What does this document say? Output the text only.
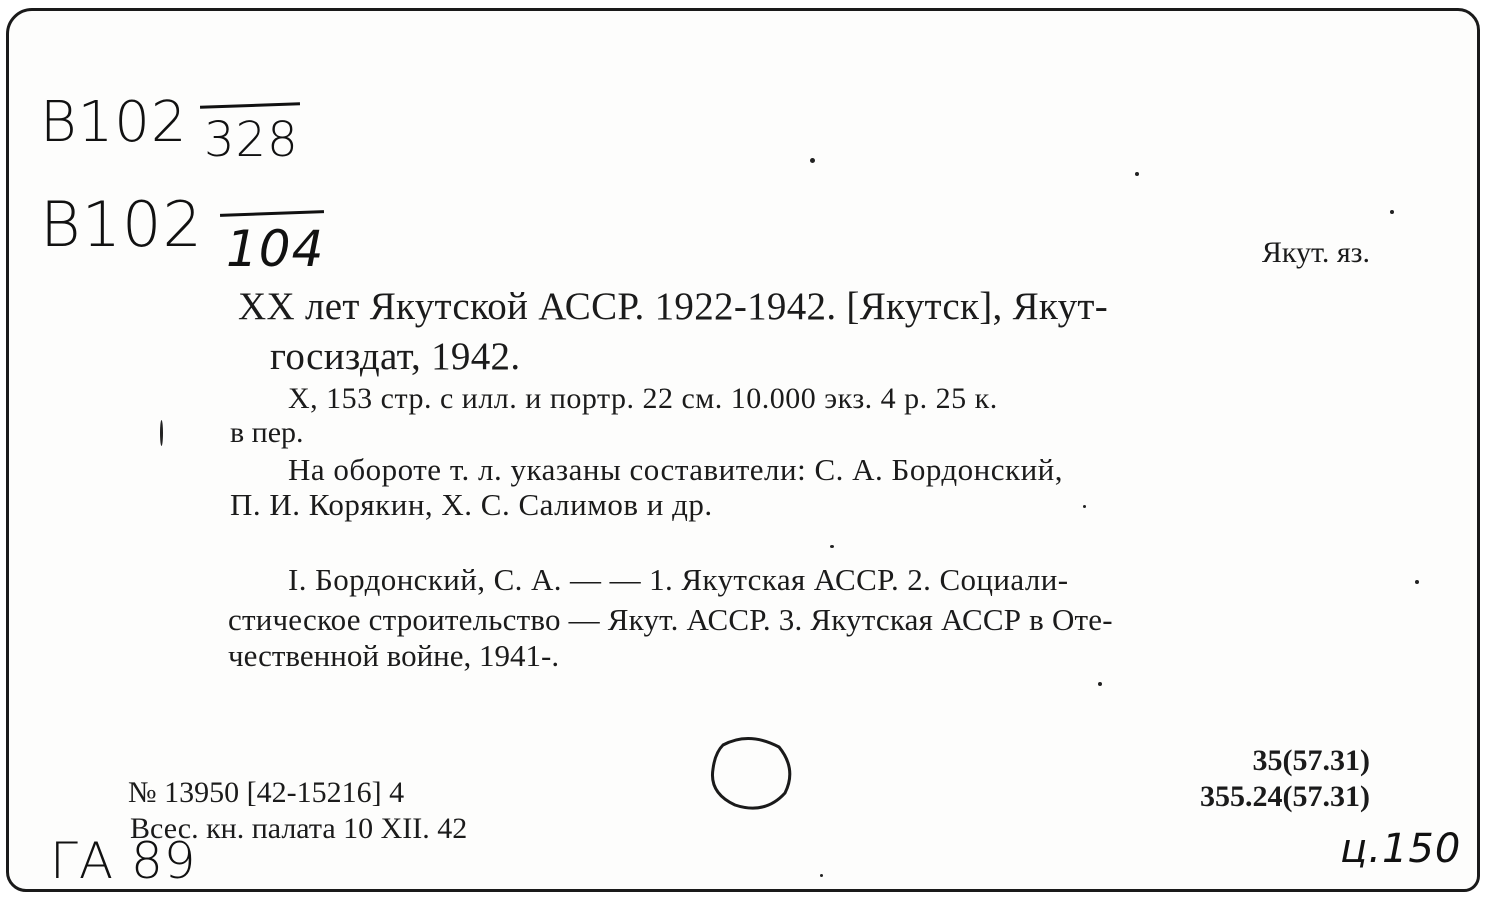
B102 328
B102 104	Якут. яз.
XX лет Якутской АССР. 1922-1942. [Якутск], Якут-
госиздат, 1942.
X, 153 стр. с илл. и портр. 22 см. 10.000 экз. 4 р. 25 к.
в пер.
На обороте т. л. указаны составители: С. А. Бордонский,
П. И. Корякин, Х. С. Салимов и др.
I. Бордонский, С. А. — — 1. Якутская АССР. 2. Социали-
стическое строительство — Якут. АССР. 3. Якутская АССР в Оте-
чественной войне, 1941-.
№ 13950 [42-15216] 4
Всес. кн. палата 10 XII. 42
35(57.31)
355.24(57.31)
ГА 89	ц.150
